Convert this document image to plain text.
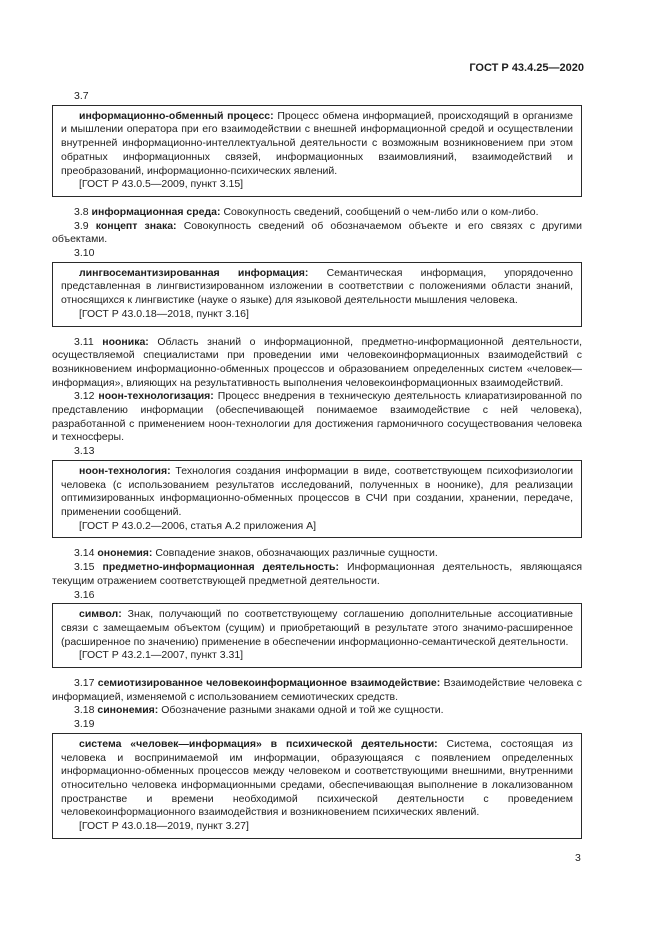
ГОСТ Р 43.4.25—2020

3.7

информационно-обменный процесс: Процесс обмена информацией, происходящий в организме и мышлении оператора при его взаимодействии с внешней информационной средой и осуществлении внутренней информационно-интеллектуальной деятельности с возможным возникновением при этом обратных информационных связей, информационных взаимовлияний, взаимодействий и преобразований, информационно-психических явлений.

[ГОСТ Р 43.0.5—2009, пункт 3.15]

3.8 информационная среда: Совокупность сведений, сообщений о чем-либо или о ком-либо.

3.9 концепт знака: Совокупность сведений об обозначаемом объекте и его связях с другими объектами.

3.10

лингвосемантизированная информация: Семантическая информация, упорядоченно представленная в лингвистизированном изложении в соответствии с положениями области знаний, относящихся к лингвистике (науке о языке) для языковой деятельности мышления человека.

[ГОСТ Р 43.0.18—2018, пункт 3.16]

3.11 нооника: Область знаний о информационной, предметно-информационной деятельности, осуществляемой специалистами при проведении ими человекоинформационных взаимодействий с возникновением информационно-обменных процессов и образованием определенных систем «человек—информация», влияющих на результативность выполнения человекоинформационных взаимодействий.

3.12 ноон-технологизация: Процесс внедрения в техническую деятельность клиаратизированной по представлению информации (обеспечивающей понимаемое взаимодействие с ней человека), разработанной с применением ноон-технологии для достижения гармоничного сосуществования человека и техносферы.

3.13

ноон-технология: Технология создания информации в виде, соответствующем психофизиологии человека (с использованием результатов исследований, полученных в ноонике), для реализации оптимизированных информационно-обменных процессов в СЧИ при создании, хранении, передаче, применении сообщений.

[ГОСТ Р 43.0.2—2006, статья А.2 приложения А]

3.14 ононемия: Совпадение знаков, обозначающих различные сущности.

3.15 предметно-информационная деятельность: Информационная деятельность, являющаяся текущим отражением соответствующей предметной деятельности.

3.16

символ: Знак, получающий по соответствующему соглашению дополнительные ассоциативные связи с замещаемым объектом (сущим) и приобретающий в результате этого значимо-расширенное (расширенное по значению) применение в обеспечении информационно-семантической деятельности.

[ГОСТ Р 43.2.1—2007, пункт 3.31]

3.17 семиотизированное человекоинформационное взаимодействие: Взаимодействие человека с информацией, изменяемой с использованием семиотических средств.

3.18 синонемия: Обозначение разными знаками одной и той же сущности.

3.19

система «человек—информация» в психической деятельности: Система, состоящая из человека и воспринимаемой им информации, образующаяся с появлением определенных информационно-обменных процессов между человеком и соответствующими внешними, внутренними относительно человека информационными средами, обеспечивающая выполнение в локализованном пространстве и времени необходимой психической деятельности с проведением человекоинформационного взаимодействия и возникновением психических явлений.

[ГОСТ Р 43.0.18—2019, пункт 3.27]

3
